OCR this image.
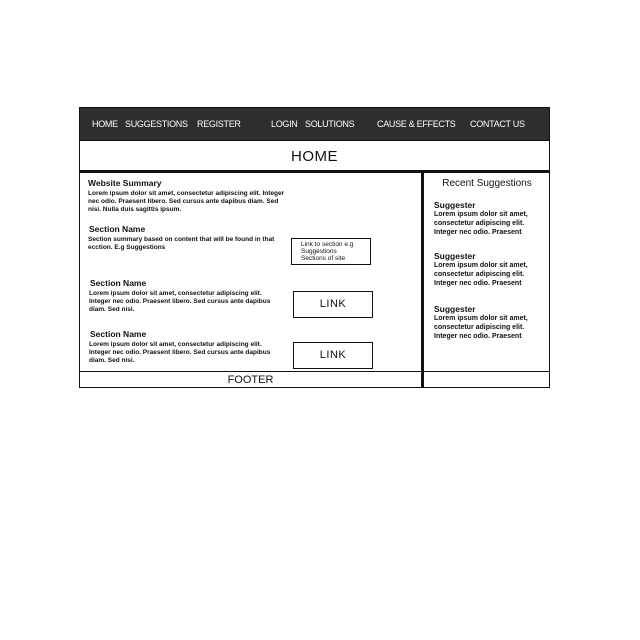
HOME SUGGESTIONS REGISTER	LOGIN SOLUTIONS	CAUSE & EFFECTS CONTACT US
HOME
Website Summary
Lorem ipsum dolor sit amet, consectetur adipiscing elit. Integer nec odio. Praesent libero. Sed cursus ante dapibus diam. Sed nisi. Nulla duis sagittis ipsum.
Section Name
Section summary based on content that will be found in that ecction. E.g Suggestions	Link to section e.g
Suggestions
Sections of site
Section Name
Lorem ipsum dolor sit amet, consectetur adipiscing elit. Integer nec odio. Praesent libero. Sed cursus ante dapibus diam. Sed nisi.	LINK
Section Name
Lorem ipsum dolor sit amet, consectetur adipiscing elit. Integer nec odio. Praesent libero. Sed cursus ante dapibus diam. Sed nisi.	LINK
Recent Suggestions
Suggester
Lorem ipsum dolor sit amet, consectetur adipiscing elit. Integer nec odio. Praesent
Suggester
Lorem ipsum dolor sit amet, consectetur adipiscing elit. Integer nec odio. Praesent
Suggester
Lorem ipsum dolor sit amet, consectetur adipiscing elit. Integer nec odio. Praesent
FOOTER
